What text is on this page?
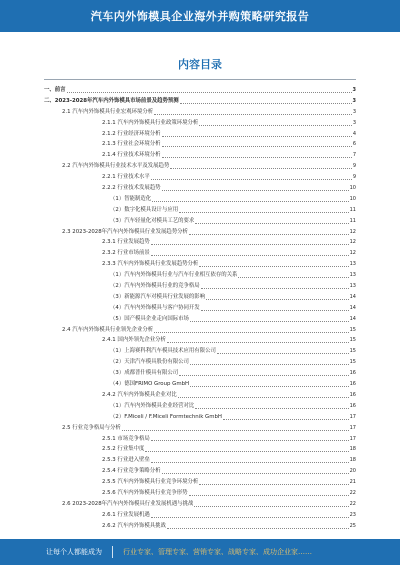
汽车内外饰模具企业海外并购策略研究报告
内容目录
一、前言	3
二、2023-2028年汽车内外饰模具市场前景及趋势预测	3
2.1 汽车内外饰模具行业宏观环境分析	3
2.1.1 汽车内外饰模具行业政策环境分析	3
2.1.2 行业经济环境分析	4
2.1.3 行业社会环境分析	6
2.1.4 行业技术环境分析	7
2.2 汽车内外饰模具行业技术水平及发展趋势	9
2.2.1 行业技术水平	9
2.2.2 行业技术发展趋势	10
（1）智能制造化	10
（2）数字化模具设计与应用	11
（3）汽车轻量化对模具工艺的要求	11
2.3 2023-2028年汽车内外饰模具行业发展趋势分析	12
2.3.1 行业发展趋势	12
2.3.2 行业市场前景	12
2.3.3 汽车内外饰模具行业发展趋势分析	13
（1）汽车内外饰模具行业与汽车行业相互依存的关系	13
（2）汽车内外饰模具行业的竞争格局	13
（3）新能源汽车对模具行业发展的影响	14
（4）汽车内外饰模具与客户协同开发	14
（5）国产模具企业走向国际市场	14
2.4 汽车内外饰模具行业领先企业分析	15
2.4.1 国内外领先企业分析	15
（1）上海赛科利汽车模具技术应用有限公司	15
（2）天津汽车模具股份有限公司	15
（3）成都普什模具有限公司	16
（4）德国FRIMO Group GmbH	16
2.4.2 汽车内外饰模具企业对比	16
（1）汽车内外饰模具企业经营对比	16
（2）F.Miceli / F.Miceli Formtechnik GmbH	17
2.5 行业竞争格局与分析	17
2.5.1 市场竞争格局	17
2.5.2 行业集中度	18
2.5.3 行业进入壁垒	18
2.5.4 行业竞争策略分析	20
2.5.5 汽车内外饰模具行业竞争环境分析	21
2.5.6 汽车内外饰模具行业竞争形势	22
2.6 2023-2028年汽车内外饰模具行业发展机遇与挑战	22
2.6.1 行业发展机遇	23
2.6.2 汽车内外饰模具挑战	25
让每个人都能成为	行业专家、管理专家、营销专家、战略专家、成功企业家……
